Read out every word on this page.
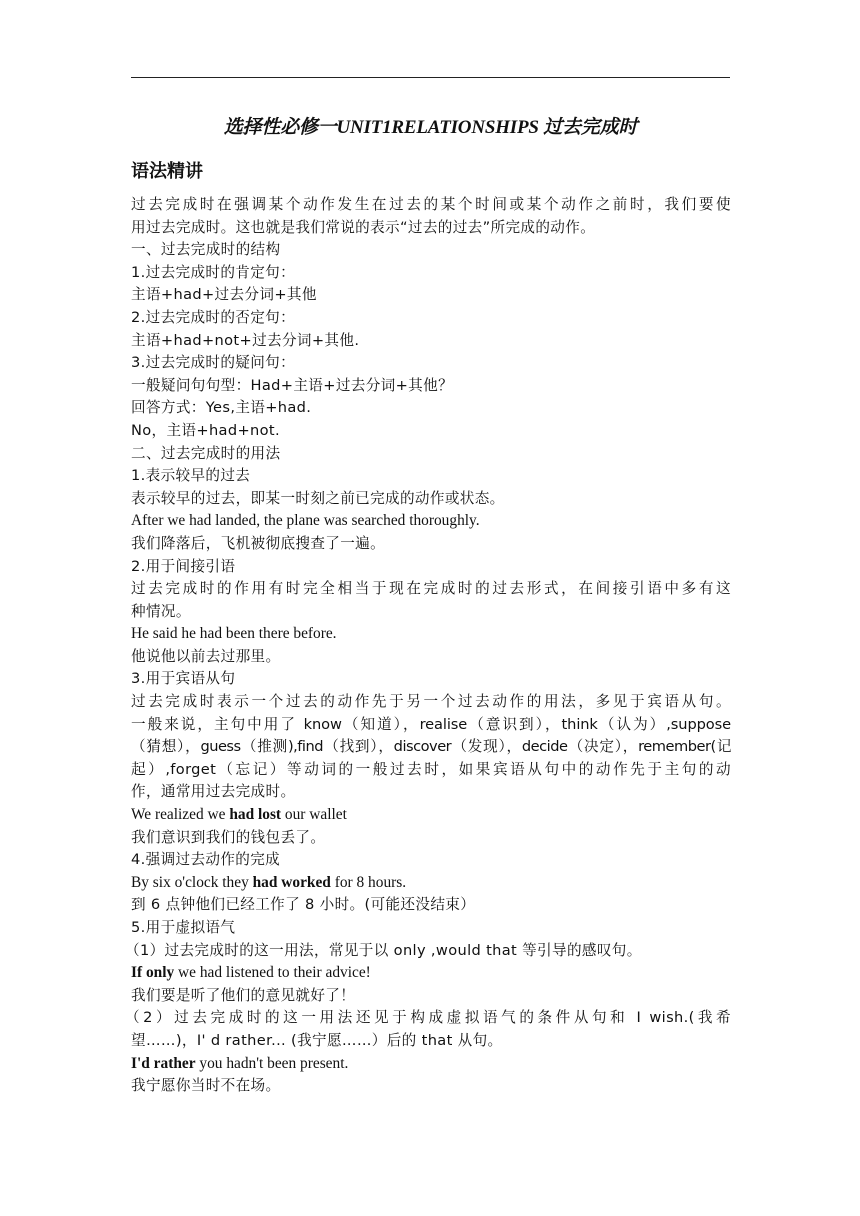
选择性必修一UNIT1RELATIONSHIPS 过去完成时
语法精讲
过去完成时在强调某个动作发生在过去的某个时间或某个动作之前时，我们要使
用过去完成时。这也就是我们常说的表示“过去的过去”所完成的动作。
一、过去完成时的结构
1.过去完成时的肯定句：
主语+had+过去分词+其他
2.过去完成时的否定句：
主语+had+not+过去分词+其他.
3.过去完成时的疑问句：
一般疑问句句型：Had+主语+过去分词+其他？
回答方式：Yes,主语+had.
No，主语+had+not.
二、过去完成时的用法
1.表示较早的过去
表示较早的过去，即某一时刻之前已完成的动作或状态。
After we had landed, the plane was searched thoroughly.
我们降落后，飞机被彻底搜查了一遍。
2.用于间接引语
过去完成时的作用有时完全相当于现在完成时的过去形式，在间接引语中多有这
种情况。
He said he had been there before.
他说他以前去过那里。
3.用于宾语从句
过去完成时表示一个过去的动作先于另一个过去动作的用法，多见于宾语从句。
一般来说，主句中用了 know（知道），realise（意识到），think（认为）,suppose
（猜想），guess（推测),find（找到），discover（发现），decide（决定），remember(记
起）,forget（忘记）等动词的一般过去时，如果宾语从句中的动作先于主句的动
作，通常用过去完成时。
We realized we had lost our wallet
我们意识到我们的钱包丢了。
4.强调过去动作的完成
By six o'clock they had worked for 8 hours.
到 6 点钟他们已经工作了 8 小时。(可能还没结束）
5.用于虚拟语气
（1）过去完成时的这一用法，常见于以 only ,would that 等引导的感叹句。
If only we had listened to their advice!
我们要是听了他们的意见就好了！
（2）过去完成时的这一用法还见于构成虚拟语气的条件从句和 I wish.(我希
望……)，I' d rather... (我宁愿……）后的 that 从句。
I'd rather you hadn't been present.
我宁愿你当时不在场。
